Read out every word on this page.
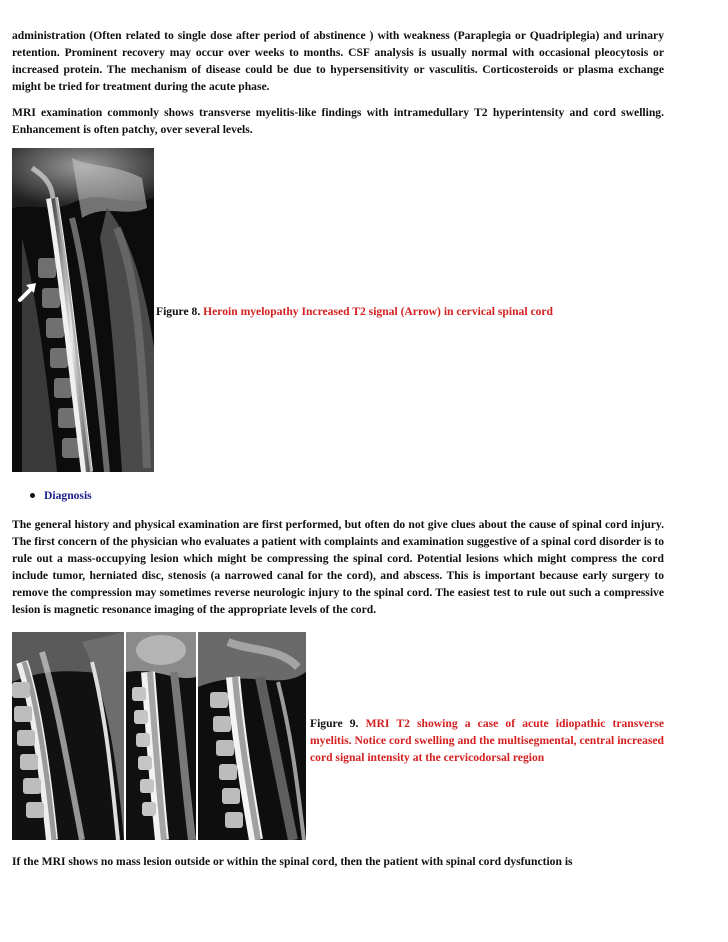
administration (Often related to single dose after period of abstinence ) with weakness (Paraplegia or Quadriplegia) and urinary retention. Prominent recovery may occur over weeks to months. CSF analysis is usually normal with occasional pleocytosis or increased protein. The mechanism of disease could be due to hypersensitivity or vasculitis. Corticosteroids or plasma exchange might be tried for treatment during the acute phase.

MRI examination commonly shows transverse myelitis-like findings with intramedullary T2 hyperintensity and cord swelling. Enhancement is often patchy, over several levels.

Figure 8. Heroin myelopathy Increased T2 signal (Arrow) in cervical spinal cord

Diagnosis

The general history and physical examination are first performed, but often do not give clues about the cause of spinal cord injury. The first concern of the physician who evaluates a patient with complaints and examination suggestive of a spinal cord disorder is to rule out a mass-occupying lesion which might be compressing the spinal cord. Potential lesions which might compress the cord include tumor, herniated disc, stenosis (a narrowed canal for the cord), and abscess. This is important because early surgery to remove the compression may sometimes reverse neurologic injury to the spinal cord. The easiest test to rule out such a compressive lesion is magnetic resonance imaging of the appropriate levels of the cord.

Figure 9. MRI T2 showing a case of acute idiopathic transverse myelitis. Notice cord swelling and the multisegmental, central increased cord signal intensity at the cervicodorsal region

If the MRI shows no mass lesion outside or within the spinal cord, then the patient with spinal cord dysfunction is
